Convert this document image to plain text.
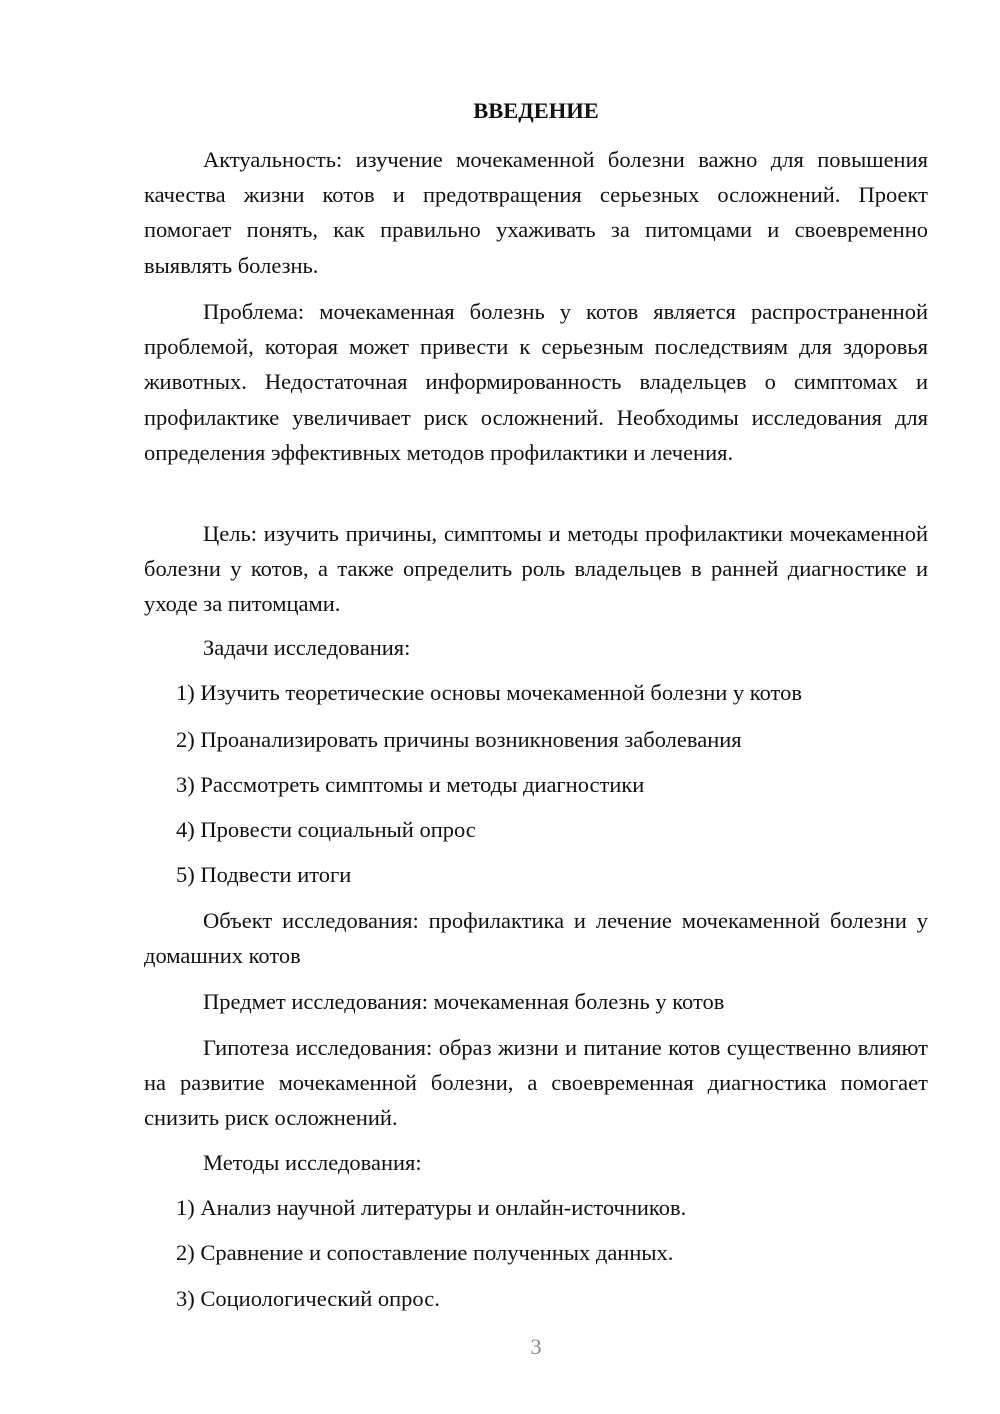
ВВЕДЕНИЕ

Актуальность: изучение мочекаменной болезни важно для повышения качества жизни котов и предотвращения серьезных осложнений. Проект помогает понять, как правильно ухаживать за питомцами и своевременно выявлять болезнь.

Проблема: мочекаменная болезнь у котов является распространенной проблемой, которая может привести к серьезным последствиям для здоровья животных. Недостаточная информированность владельцев о симптомах и профилактике увеличивает риск осложнений. Необходимы исследования для определения эффективных методов профилактики и лечения.

Цель: изучить причины, симптомы и методы профилактики мочекаменной болезни у котов, а также определить роль владельцев в ранней диагностике и уходе за питомцами.

Задачи исследования:

1) Изучить теоретические основы мочекаменной болезни у котов

2) Проанализировать причины возникновения заболевания

3) Рассмотреть симптомы и методы диагностики

4) Провести социальный опрос

5) Подвести итоги

Объект исследования: профилактика и лечение мочекаменной болезни у домашних котов

Предмет исследования: мочекаменная болезнь у котов

Гипотеза исследования: образ жизни и питание котов существенно влияют на развитие мочекаменной болезни, а своевременная диагностика помогает снизить риск осложнений.

Методы исследования:

1) Анализ научной литературы и онлайн-источников.

2) Сравнение и сопоставление полученных данных.

3) Социологический опрос.

3
